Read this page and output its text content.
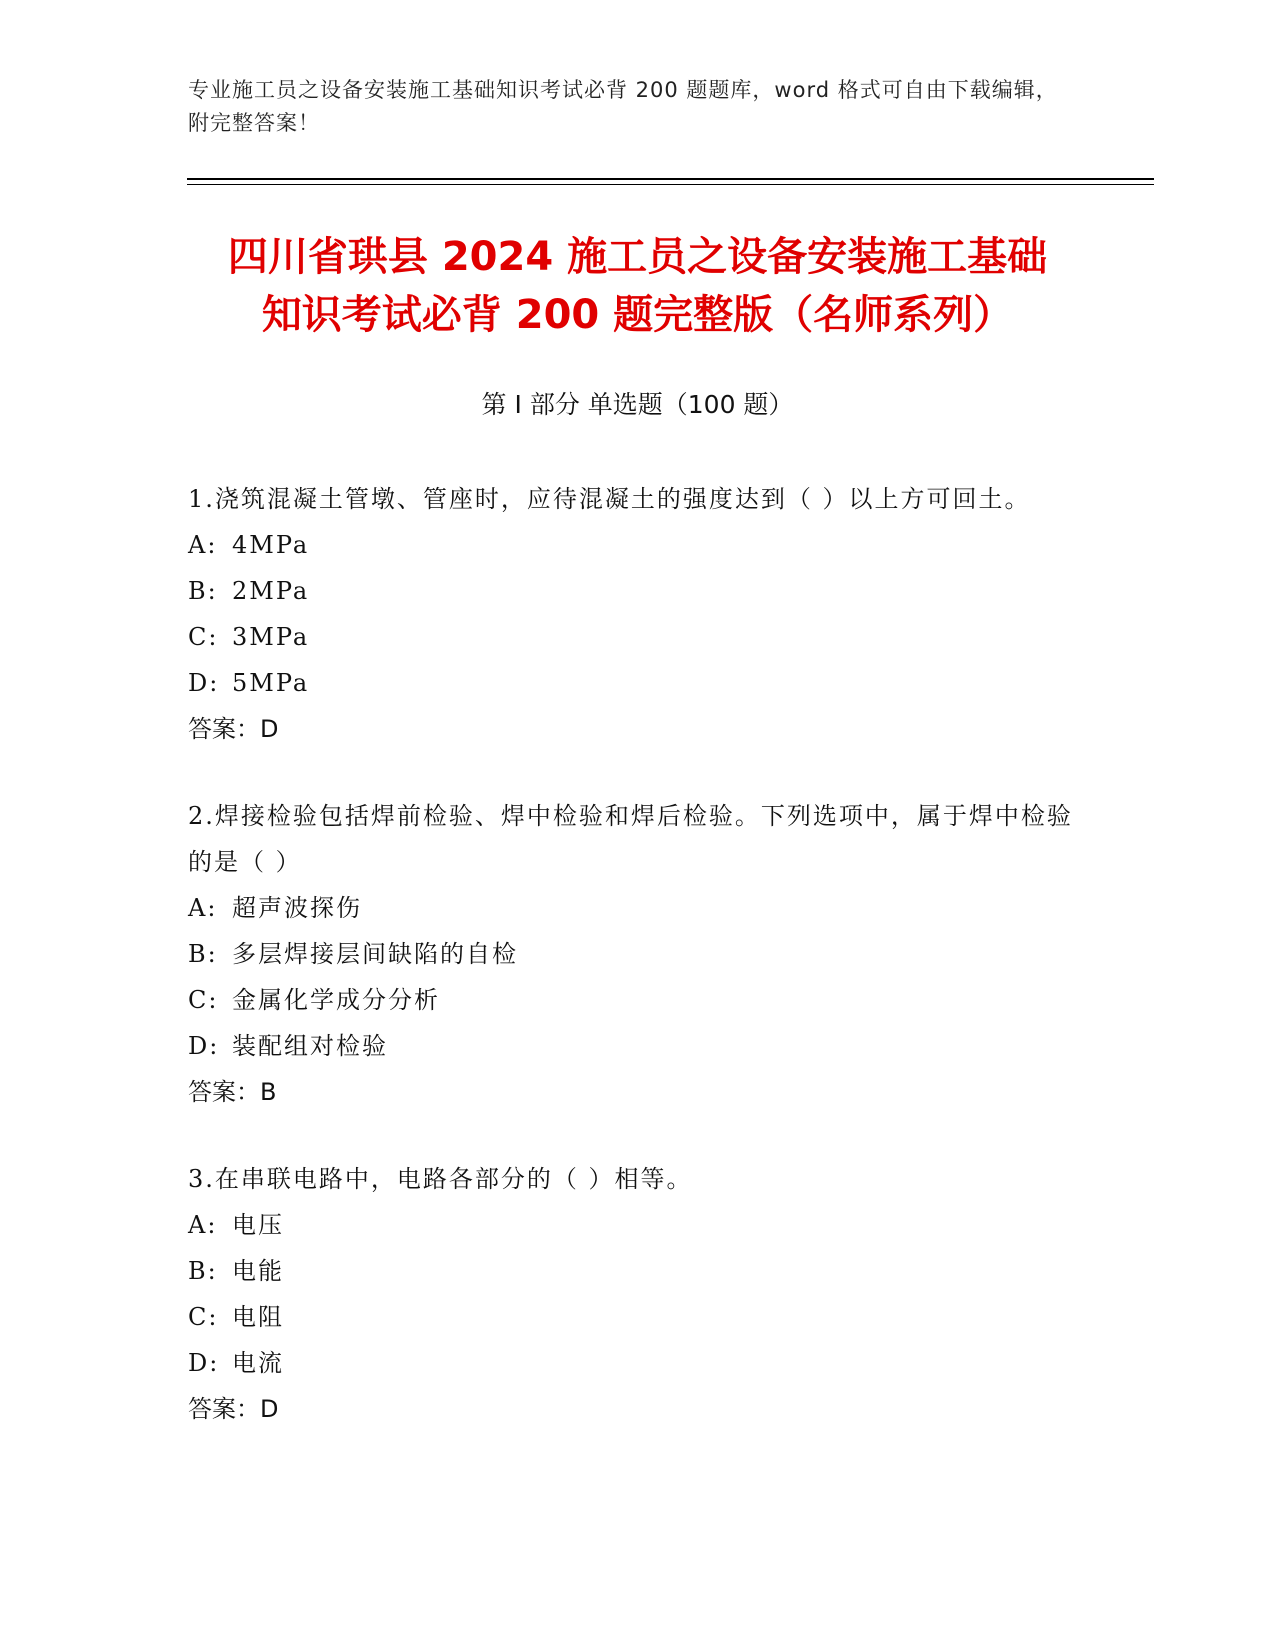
专业施工员之设备安装施工基础知识考试必背 200 题题库，word 格式可自由下载编辑，附完整答案！
四川省珙县 2024 施工员之设备安装施工基础
知识考试必背 200 题完整版（名师系列）
第 I 部分 单选题（100 题）

1.浇筑混凝土管墩、管座时，应待混凝土的强度达到（ ）以上方可回土。

A: 4MPa
B: 2MPa
C: 3MPa
D: 5MPa
答案：D

2.焊接检验包括焊前检验、焊中检验和焊后检验。下列选项中，属于焊中检验的是（ ）

A: 超声波探伤
B: 多层焊接层间缺陷的自检
C: 金属化学成分分析
D: 装配组对检验
答案：B

3.在串联电路中，电路各部分的（ ）相等。

A: 电压
B: 电能
C: 电阻
D: 电流
答案：D
